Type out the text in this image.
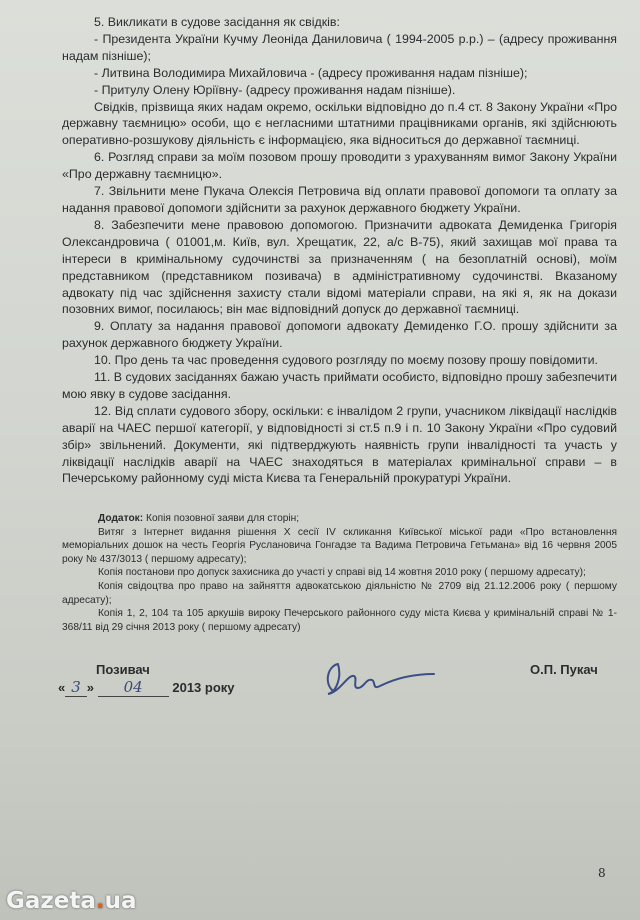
5. Викликати в судове засідання як свідків:

- Президента України Кучму Леоніда Даниловича ( 1994-2005 р.р.) – (адресу проживання надам пізніше);

- Литвина Володимира Михайловича - (адресу проживання надам пізніше);

- Притулу Олену Юріївну- (адресу проживання надам пізніше).

Свідків, прізвища яких надам окремо, оскільки відповідно до п.4 ст. 8 Закону України «Про державну таємницю» особи, що є негласними штатними працівниками органів, які здійснюють оперативно-розшукову діяльність є інформацією, яка відноситься до державної таємниці.

6. Розгляд справи за моїм позовом прошу проводити з урахуванням вимог Закону України «Про державну таємницю».

7. Звільнити мене Пукача Олексія Петровича від оплати правової допомоги та оплату за надання правової допомоги здійснити за рахунок державного бюджету України.

8. Забезпечити мене правовою допомогою. Призначити адвоката Демиденка Григорія Олександровича ( 01001,м. Київ, вул. Хрещатик, 22, а/с В-75), який захищав мої права та інтереси в кримінальному судочинстві за призначенням ( на безоплатній основі), моїм представником (представником позивача) в адміністративному судочинстві. Вказаному адвокату під час здійснення захисту стали відомі матеріали справи, на які я, як на докази позовних вимог, посилаюсь; він має відповідний допуск до державної таємниці.

9. Оплату за надання правової допомоги адвокату Демиденко Г.О. прошу здійснити за рахунок державного бюджету України.

10. Про день та час проведення судового розгляду по моєму позову прошу повідомити.

11. В судових засіданнях бажаю участь приймати особисто, відповідно прошу забезпечити мою явку в судове засідання.

12. Від сплати судового збору, оскільки: є інвалідом 2 групи, учасником ліквідації наслідків аварії на ЧАЕС першої категорії, у відповідності зі ст.5 п.9 і п. 10 Закону України «Про судовий збір» звільнений. Документи, які підтверджують наявність групи інвалідності та участь у ліквідації наслідків аварії на ЧАЕС знаходяться в матеріалах кримінальної справи – в Печерському районному суді міста Києва та Генеральній прокуратурі України.

Додаток: Копія позовної заяви для сторін;

Витяг з Інтернет видання рішення Х сесії IV скликання Київської міської ради «Про встановлення меморіальних дошок на честь Георгія Руслановича Гонгадзе та Вадима Петровича Гетьмана» від 16 червня 2005 року № 437/3013 ( першому адресату);

Копія постанови про допуск захисника до участі у справі від 14 жовтня 2010 року ( першому адресату);

Копія свідоцтва про право на зайняття адвокатською діяльністю № 2709 від 21.12.2006 року ( першому адресату);

Копія 1, 2, 104 та 105 аркушів вироку Печерського районного суду міста Києва у кримінальній справі № 1-368/11 від 29 січня 2013 року ( першому адресату)

Позивач
« 3 » 04 2013 року
О.П. Пукач
8
Gazeta.ua
